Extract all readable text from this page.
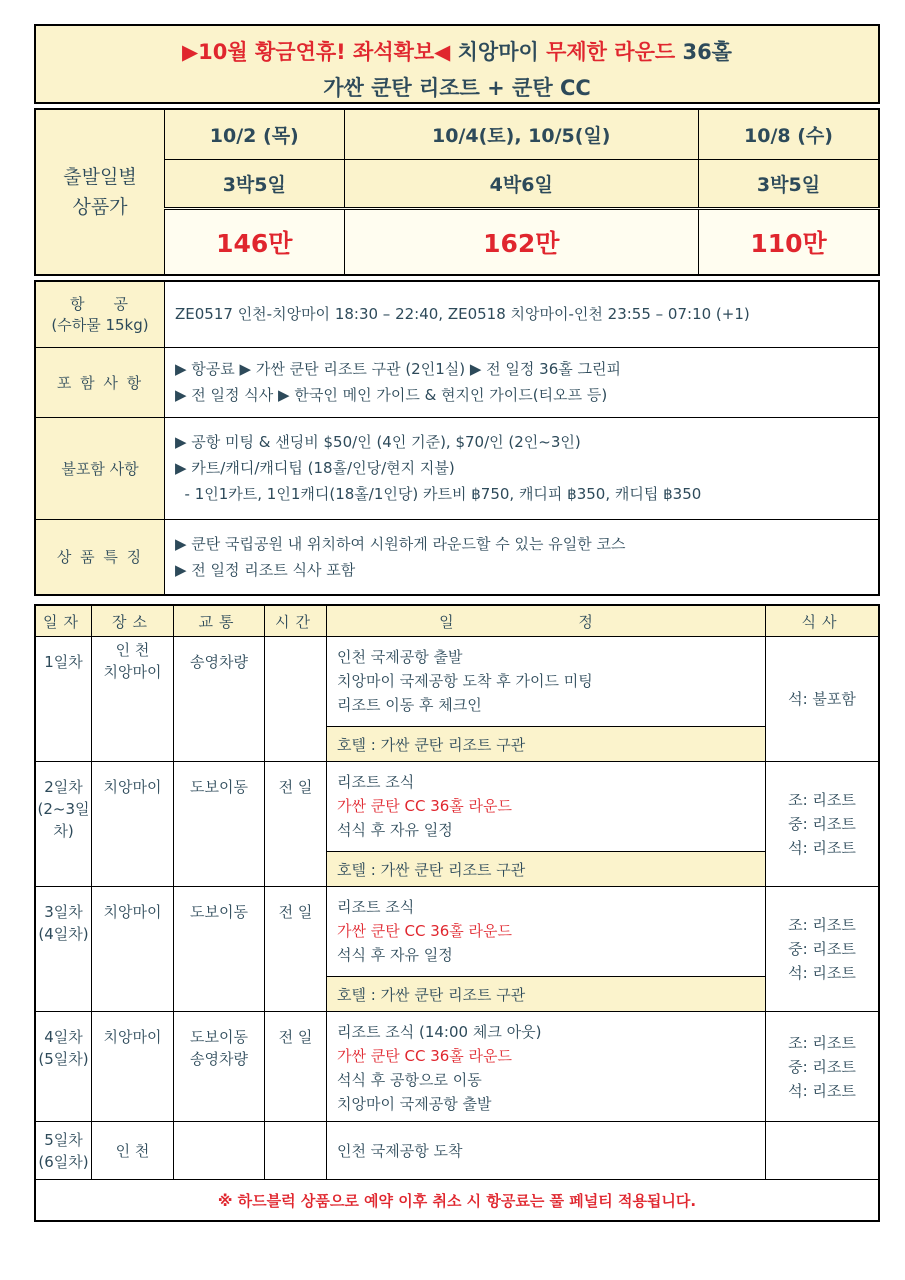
▶10월 황금연휴! 좌석확보◀ 치앙마이 무제한 라운드 36홀
가싼 쿤탄 리조트 + 쿤탄 CC
출발일별
상품가	10/2 (목)	10/4(토), 10/5(일)	10/8 (수)
	3박5일	4박6일	3박5일
	146만	162만	110만
항    공
(수하물 15kg)	ZE0517 인천-치앙마이 18:30 – 22:40, ZE0518 치앙마이-인천 23:55 – 07:10 (+1)
포 함 사 항	▶ 항공료 ▶ 가싼 쿤탄 리조트 구관 (2인1실) ▶ 전 일정 36홀 그린피
▶ 전 일정 식사 ▶ 한국인 메인 가이드 & 현지인 가이드(티오프 등)

불포함 사항	▶ 공항 미팅 & 샌딩비 $50/인 (4인 기준), $70/인 (2인~3인)
▶ 카트/캐디/캐디팁 (18홀/인당/현지 지불)
- 1인1카트, 1인1캐디(18홀/1인당) 카트비 ฿750, 캐디피 ฿350, 캐디팁 ฿350

상 품 특 징	▶ 쿤탄 국립공원 내 위치하여 시원하게 라운드할 수 있는 유일한 코스
▶ 전 일정 리조트 식사 포함
일자	장소	교통	시간	일 정	식사

1일차	인 천
치앙마이	송영차량		인천 국제공항 출발
치앙마이 국제공항 도착 후 가이드 미팅
리조트 이동 후 체크인	석: 불포함

				호텔 : 가싼 쿤탄 리조트 구관	

2일차
(2~3일
차)	치앙마이	도보이동	전 일	리조트 조식
가싼 쿤탄 CC 36홀 라운드
석식 후 자유 일정	조: 리조트
중: 리조트
석: 리조트

				호텔 : 가싼 쿤탄 리조트 구관	

3일차
(4일차)	치앙마이	도보이동	전 일	리조트 조식
가싼 쿤탄 CC 36홀 라운드
석식 후 자유 일정	조: 리조트
중: 리조트
석: 리조트

				호텔 : 가싼 쿤탄 리조트 구관	

4일차
(5일차)	치앙마이	도보이동
송영차량	전 일	리조트 조식 (14:00 체크 아웃)
가싼 쿤탄 CC 36홀 라운드
석식 후 공항으로 이동
치앙마이 국제공항 출발	조: 리조트
중: 리조트
석: 리조트

5일차
(6일차)	인 천			인천 국제공항 도착	
※ 하드블럭 상품으로 예약 이후 취소 시 항공료는 풀 페널티 적용됩니다.					
